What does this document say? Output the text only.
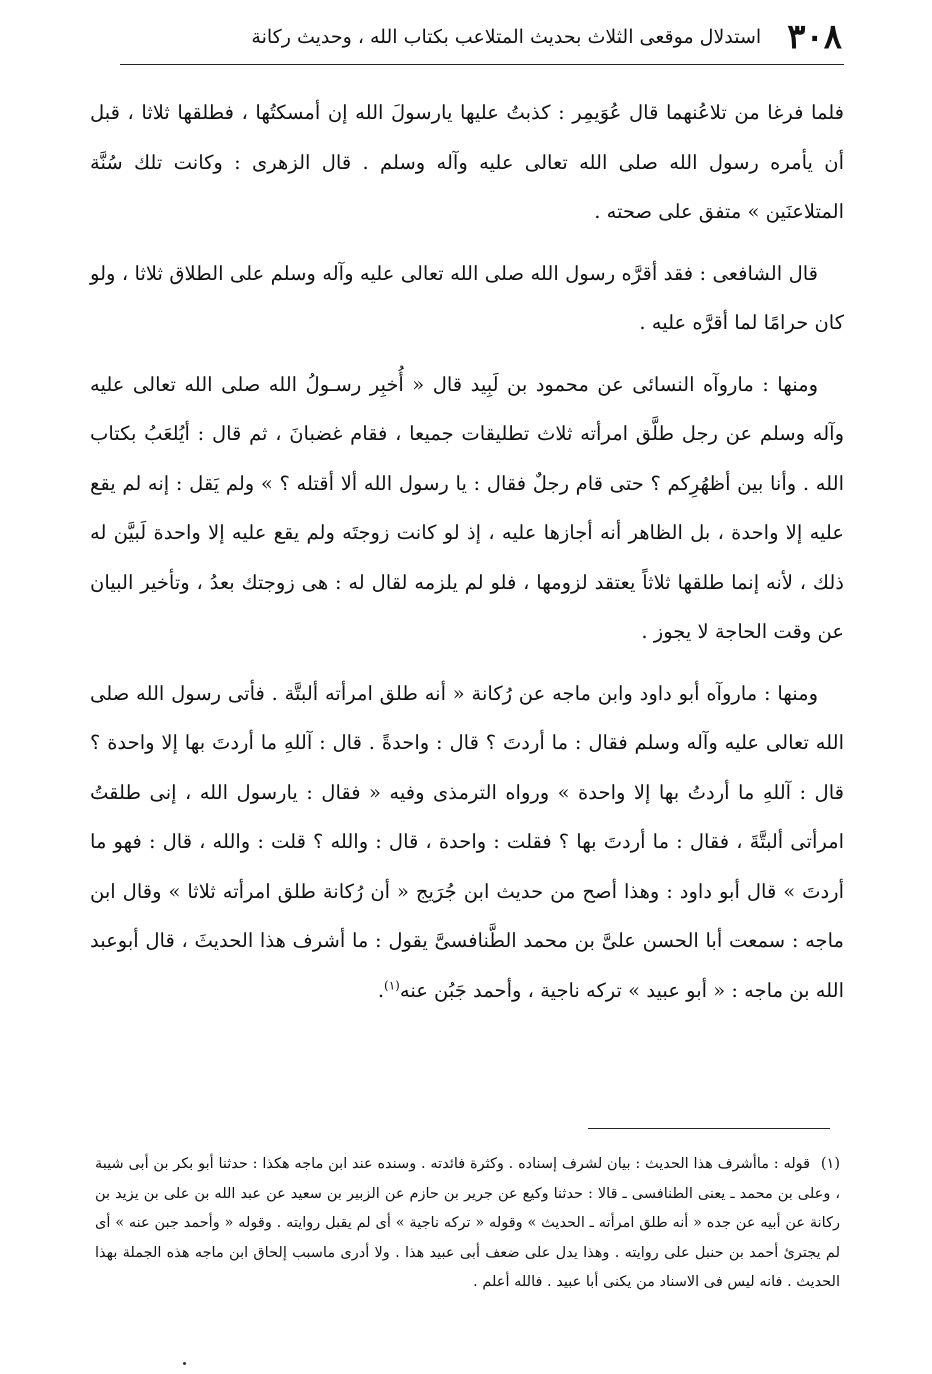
٣٠٨
استدلال موقعى الثلاث بحديث المتلاعب بكتاب الله ، وحديث ركانة

فلما فرغا من تلاعُنهما قال عُوَيمِر : كذبتُ عليها يارسولَ الله إن أمسكتُها ، فطلقها ثلاثا ، قبل أن يأمره رسول الله صلى الله تعالى عليه وآله وسلم . قال الزهرى : وكانت تلك سُنَّة المتلاعنَين » متفق على صحته .

قال الشافعى : فقد أقرَّه رسول الله صلى الله تعالى عليه وآله وسلم على الطلاق ثلاثا ، ولو كان حرامًا لما أقرَّه عليه .

ومنها : ماروآه النسائى عن محمود بن لَبِيد قال « أُخبِر رسـولُ الله صلى الله تعالى عليه وآله وسلم عن رجل طلَّق امرأته ثلاث تطليقات جميعا ، فقام غضبانَ ، ثم قال : أيُلعَبُ بكتاب الله . وأنا بين أظهُرِكم ؟ حتى قام رجلٌ فقال : يا رسول الله ألا أقتله ؟ » ولم يَقل : إنه لم يقع عليه إلا واحدة ، بل الظاهر أنه أجازها عليه ، إذ لو كانت زوجتَه ولم يقع عليه إلا واحدة لَبيَّن له ذلك ، لأنه إنما طلقها ثلاثاً يعتقد لزومها ، فلو لم يلزمه لقال له : هى زوجتك بعدُ ، وتأخير البيان عن وقت الحاجة لا يجوز .

ومنها : ماروآه أبو داود وابن ماجه عن رُكانة « أنه طلق امرأته ألبتَّة . فأتى رسول الله صلى الله تعالى عليه وآله وسلم فقال : ما أردتَ ؟ قال : واحدةً . قال : آللهِ ما أردتَ بها إلا واحدة ؟ قال : آللهِ ما أردتُ بها إلا واحدة » ورواه الترمذى وفيه « فقال : يارسول الله ، إنى طلقتُ امرأتى ألبتَّةَ ، فقال : ما أردتَ بها ؟ فقلت : واحدة ، قال : والله ؟ قلت : والله ، قال : فهو ما أردتَ » قال أبو داود : وهذا أصح من حديث ابن جُرَيج « أن رُكانة طلق امرأته ثلاثا » وقال ابن ماجه : سمعت أبا الحسن علىَّ بن محمد الطَّنافسىَّ يقول : ما أشرف هذا الحديثَ ، قال أبوعبد الله بن ماجه : « أبو عبيد » تركه ناجية ، وأحمد جَبُن عنه$^{(١)}$.

(١) قوله : ماأشرف هذا الحديث : بيان لشرف إسناده . وكثرة فائدته . وسنده عند ابن ماجه هكذا : حدثنا أبو بكر بن أبى شيبة ، وعلى بن محمد ـ يعنى الطنافسى ـ قالا : حدثنا وكيع عن جرير بن حازم عن الزبير بن سعيد عن عبد الله بن على بن يزيد بن ركانة عن أبيه عن جده « أنه طلق امرأته ـ الحديث » وقوله « تركه ناجية » أى لم يقبل روايته . وقوله « وأحمد جبن عنه » أى لم يجترئ أحمد بن حنبل على روايته . وهذا يدل على ضعف أبى عبيد هذا . ولا أدرى ماسبب إلحاق ابن ماجه هذه الجملة بهذا الحديث . فانه ليس فى الاسناد من يكنى أبا عبيد . فالله أعلم .
